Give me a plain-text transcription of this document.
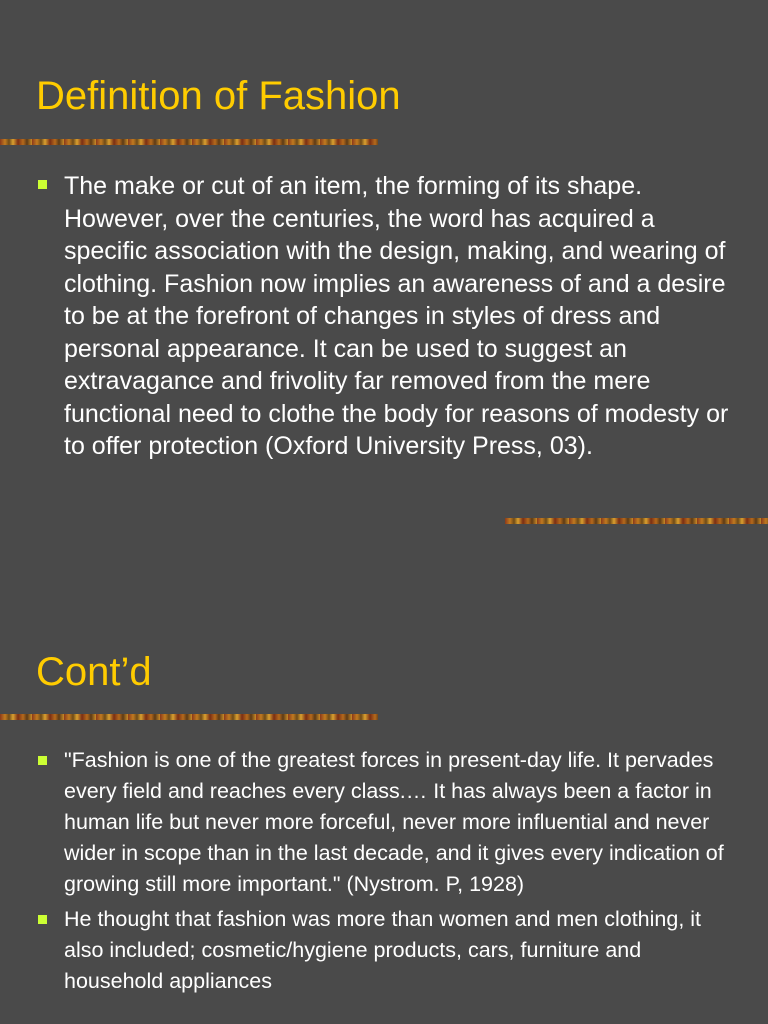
Definition of Fashion
The make or cut of an item, the forming of its shape. However, over the centuries, the word has acquired a specific association with the design, making, and wearing of clothing. Fashion now implies an awareness of and a desire to be at the forefront of changes in styles of dress and personal appearance. It can be used to suggest an extravagance and frivolity far removed from the mere functional need to clothe the body for reasons of modesty or to offer protection (Oxford University Press, 03).
Cont’d
"Fashion is one of the greatest forces in present-day life. It pervades every field and reaches every class.… It has always been a factor in human life but never more forceful, never more influential and never wider in scope than in the last decade, and it gives every indication of growing still more important." (Nystrom. P, 1928)
He thought that fashion was more than women and men clothing, it also included; cosmetic/hygiene products, cars, furniture and household appliances
